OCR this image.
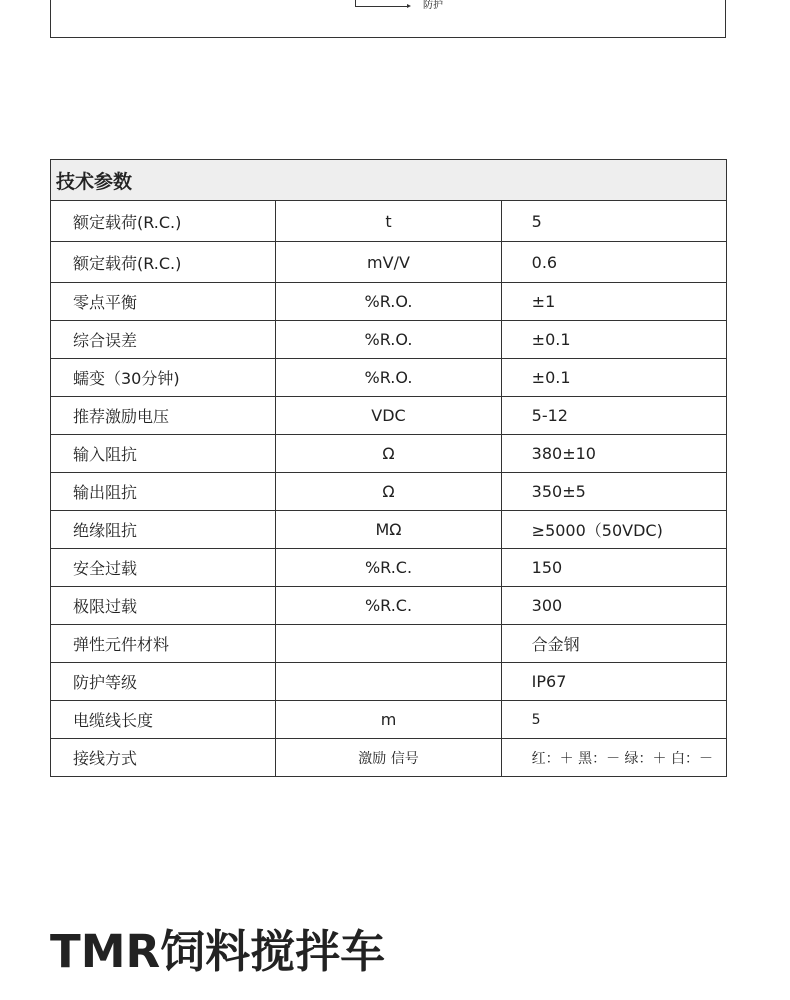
防护
技术参数		
额定载荷(R.C.)	t	5
额定载荷(R.C.)	mV/V	0.6
零点平衡	%R.O.	±1
综合误差	%R.O.	±0.1
蠕变（30分钟)	%R.O.	±0.1
推荐激励电压	VDC	5-12
输入阻抗	Ω	380±10
输出阻抗	Ω	350±5
绝缘阻抗	MΩ	≥5000（50VDC)
安全过载	%R.C.	150
极限过载	%R.C.	300
弹性元件材料		合金钢
防护等级		IP67
电缆线长度	m	5
接线方式	激励 信号	红：＋ 黑：－ 绿：＋ 白：－
TMR饲料搅拌车
